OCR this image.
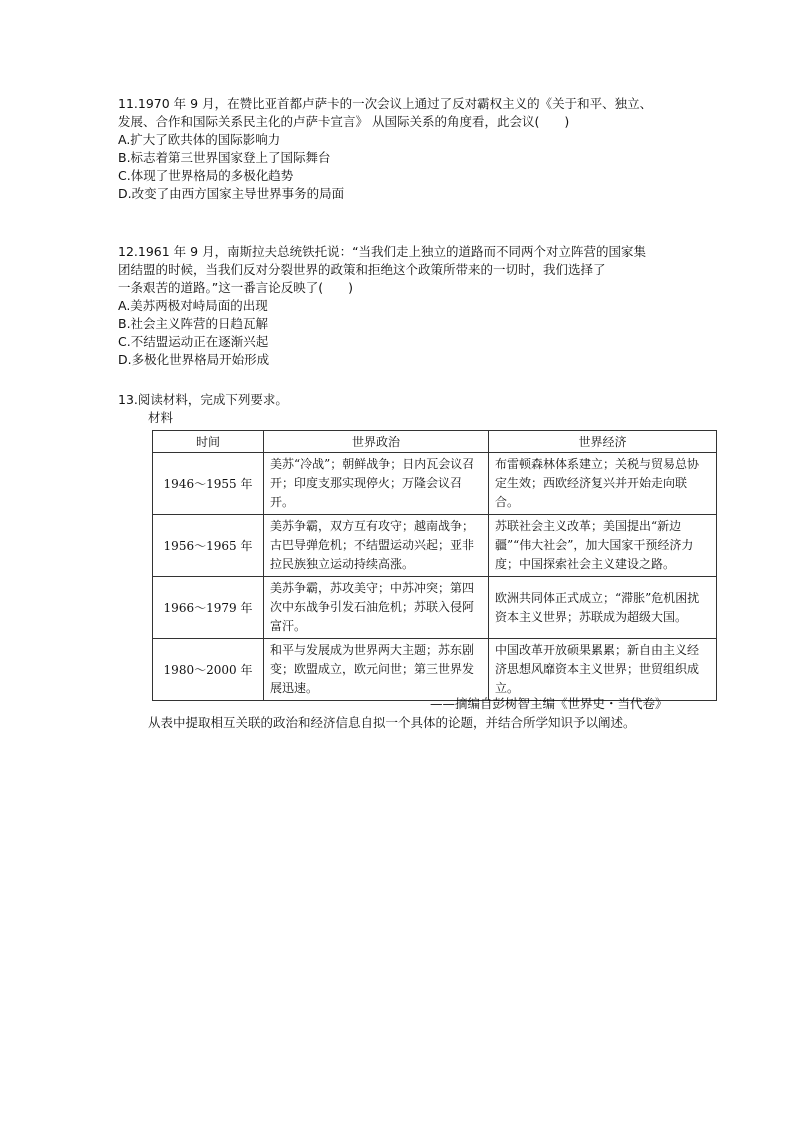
11.1970 年 9 月，在赞比亚首都卢萨卡的一次会议上通过了反对霸权主义的《关于和平、独立、
发展、合作和国际关系民主化的卢萨卡宣言》 从国际关系的角度看，此会议(　　)

A.扩大了欧共体的国际影响力

B.标志着第三世界国家登上了国际舞台

C.体现了世界格局的多极化趋势

D.改变了由西方国家主导世界事务的局面

12.1961 年 9 月，南斯拉夫总统铁托说：“当我们走上独立的道路而不同两个对立阵营的国家集
团结盟的时候，当我们反对分裂世界的政策和拒绝这个政策所带来的一切时，我们选择了
一条艰苦的道路。”这一番言论反映了(　　)

A.美苏两极对峙局面的出现

B.社会主义阵营的日趋瓦解

C.不结盟运动正在逐渐兴起

D.多极化世界格局开始形成

13.阅读材料，完成下列要求。

材料

时间	世界政治	世界经济
1946～1955 年	美苏“冷战”；朝鲜战争；日内瓦会议召开；印度支那实现停火；万隆会议召开。	布雷顿森林体系建立；关税与贸易总协定生效；西欧经济复兴并开始走向联合。
1956～1965 年	美苏争霸，双方互有攻守；越南战争；古巴导弹危机；不结盟运动兴起；亚非拉民族独立运动持续高涨。	苏联社会主义改革；美国提出“新边疆”“伟大社会”，加大国家干预经济力度；中国探索社会主义建设之路。
1966～1979 年	美苏争霸，苏攻美守；中苏冲突；第四次中东战争引发石油危机；苏联入侵阿富汗。	欧洲共同体正式成立；“滞胀”危机困扰资本主义世界；苏联成为超级大国。
1980～2000 年	和平与发展成为世界两大主题；苏东剧变；欧盟成立，欧元问世；第三世界发展迅速。	中国改革开放硕果累累；新自由主义经济思想风靡资本主义世界；世贸组织成立。
——摘编自彭树智主编《世界史・当代卷》
从表中提取相互关联的政治和经济信息自拟一个具体的论题，并结合所学知识予以阐述。
